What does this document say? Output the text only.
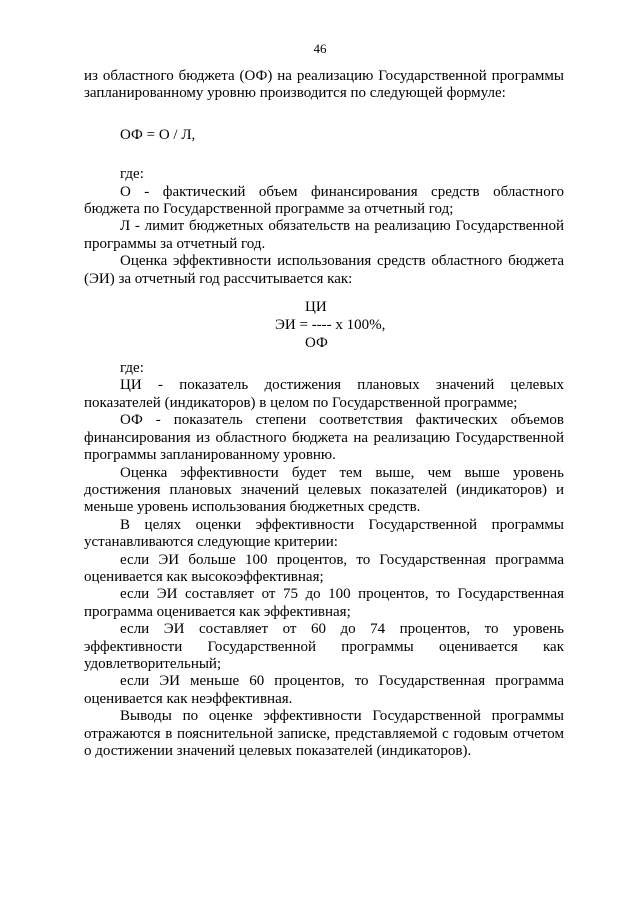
46

из областного бюджета (ОФ) на реализацию Государственной программы запланированному уровню производится по следующей формуле:

ОФ = О / Л,

где:

О - фактический объем финансирования средств областного бюджета по Государственной программе за отчетный год;

Л - лимит бюджетных обязательств на реализацию Государственной программы за отчетный год.

Оценка эффективности использования средств областного бюджета (ЭИ) за отчетный год рассчитывается как:

ЦИ
ЭИ = ---- x 100%,
ОФ

где:

ЦИ - показатель достижения плановых значений целевых показателей (индикаторов) в целом по Государственной программе;

ОФ - показатель степени соответствия фактических объемов финансирования из областного бюджета на реализацию Государственной программы запланированному уровню.

Оценка эффективности будет тем выше, чем выше уровень достижения плановых значений целевых показателей (индикаторов) и меньше уровень использования бюджетных средств.

В целях оценки эффективности Государственной программы устанавливаются следующие критерии:

если ЭИ больше 100 процентов, то Государственная программа оценивается как высокоэффективная;

если ЭИ составляет от 75 до 100 процентов, то Государственная программа оценивается как эффективная;

если ЭИ составляет от 60 до 74 процентов, то уровень эффективности Государственной программы оценивается как удовлетворительный;

если ЭИ меньше 60 процентов, то Государственная программа оценивается как неэффективная.

Выводы по оценке эффективности Государственной программы отражаются в пояснительной записке, представляемой с годовым отчетом о достижении значений целевых показателей (индикаторов).
